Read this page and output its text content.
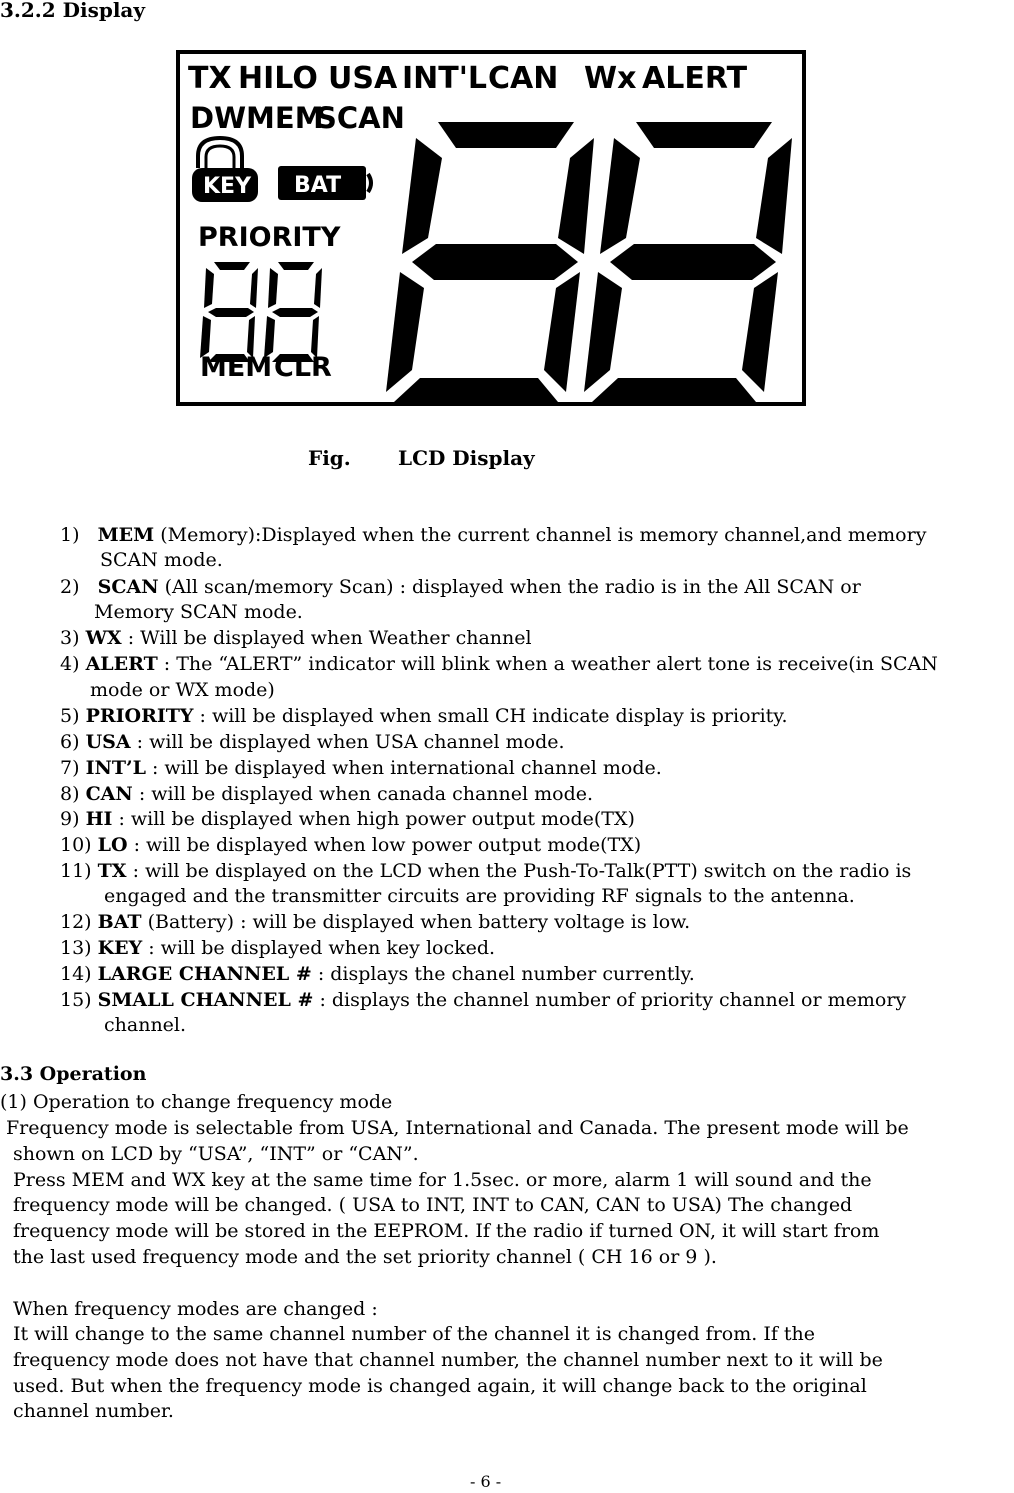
3.2.2 Display
TX HILO USA INT'L CAN Wx ALERT
DWMEM
SCAN
KEY BAT
PRIORITY
MEM CLR
Fig. LCD Display
1) MEM (Memory):Displayed when the current channel is memory channel,and memory
SCAN mode.
2) SCAN (All scan/memory Scan) : displayed when the radio is in the All SCAN or
Memory SCAN mode.
3) WX : Will be displayed when Weather channel
4) ALERT : The “ALERT” indicator will blink when a weather alert tone is receive(in SCAN
mode or WX mode)
5) PRIORITY : will be displayed when small CH indicate display is priority.
6) USA : will be displayed when USA channel mode.
7) INT’L : will be displayed when international channel mode.
8) CAN : will be displayed when canada channel mode.
9) HI : will be displayed when high power output mode(TX)
10) LO : will be displayed when low power output mode(TX)
11) TX : will be displayed on the LCD when the Push-To-Talk(PTT) switch on the radio is
engaged and the transmitter circuits are providing RF signals to the antenna.
12) BAT (Battery) : will be displayed when battery voltage is low.
13) KEY : will be displayed when key locked.
14) LARGE CHANNEL # : displays the chanel number currently.
15) SMALL CHANNEL # : displays the channel number of priority channel or memory
channel.
3.3 Operation
(1) Operation to change frequency mode
Frequency mode is selectable from USA, International and Canada. The present mode will be
shown on LCD by “USA”, “INT” or “CAN”.
Press MEM and WX key at the same time for 1.5sec. or more, alarm 1 will sound and the
frequency mode will be changed. ( USA to INT, INT to CAN, CAN to USA) The changed
frequency mode will be stored in the EEPROM. If the radio if turned ON, it will start from
the last used frequency mode and the set priority channel ( CH 16 or 9 ).
When frequency modes are changed :
It will change to the same channel number of the channel it is changed from. If the
frequency mode does not have that channel number, the channel number next to it will be
used. But when the frequency mode is changed again, it will change back to the original
channel number.
- 6 -
